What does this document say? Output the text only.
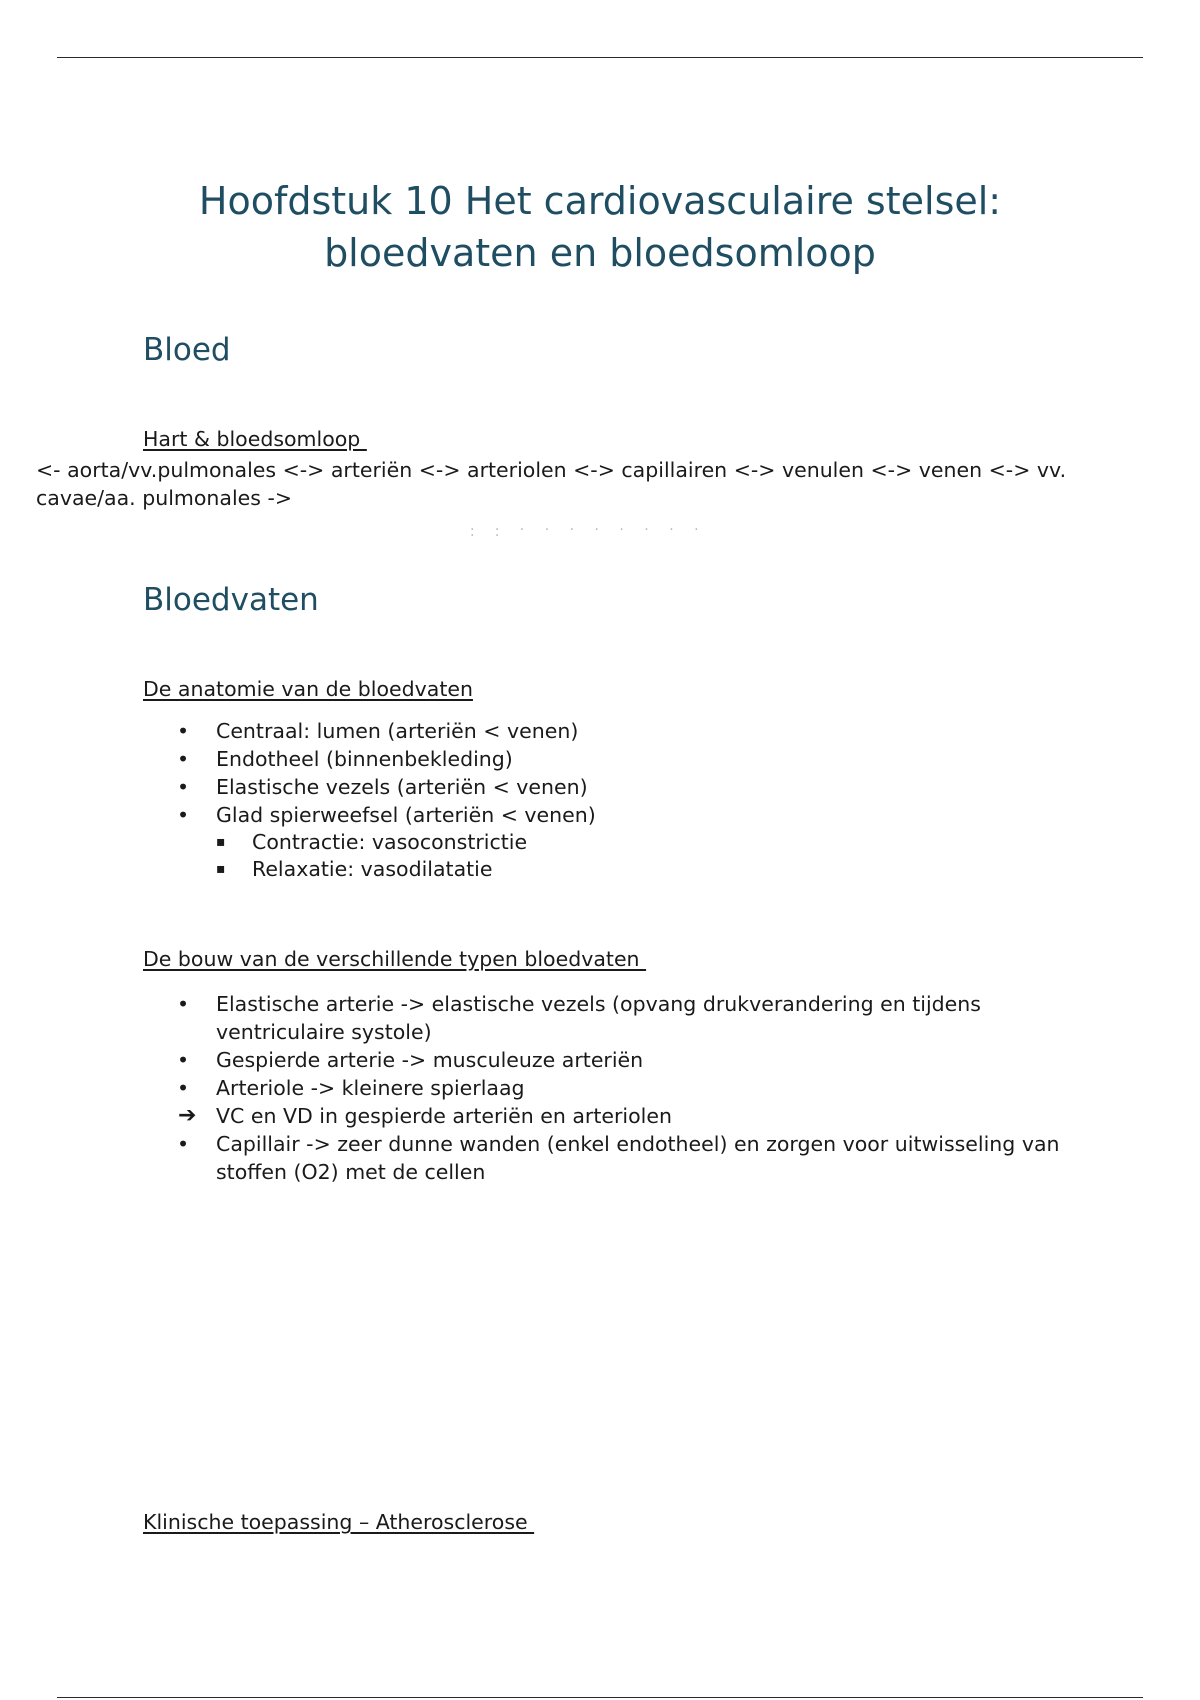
Hoofdstuk 10 Het cardiovasculaire stelsel:
bloedvaten en bloedsomloop
Bloed

Hart & bloedsomloop

<- aorta/vv.pulmonales <-> arteriën <-> arteriolen <-> capillairen <-> venulen <-> venen <-> vv. cavae/aa. pulmonales ->

· · · · · · · · · · · ·
Bloedvaten

De anatomie van de bloedvaten

•	Centraal: lumen (arteriën < venen)
•	Endotheel (binnenbekleding)
•	Elastische vezels (arteriën < venen)
•	Glad spierweefsel (arteriën < venen)
▪	Contractie: vasoconstrictie
▪	Relaxatie: vasodilatatie

De bouw van de verschillende typen bloedvaten

•	Elastische arterie -> elastische vezels (opvang drukverandering en tijdens ventriculaire systole)
•	Gespierde arterie -> musculeuze arteriën
•	Arteriole -> kleinere spierlaag
➔ VC en VD in gespierde arteriën en arteriolen
•	Capillair -> zeer dunne wanden (enkel endotheel) en zorgen voor uitwisseling van stoffen (O2) met de cellen

Klinische toepassing – Atherosclerose
